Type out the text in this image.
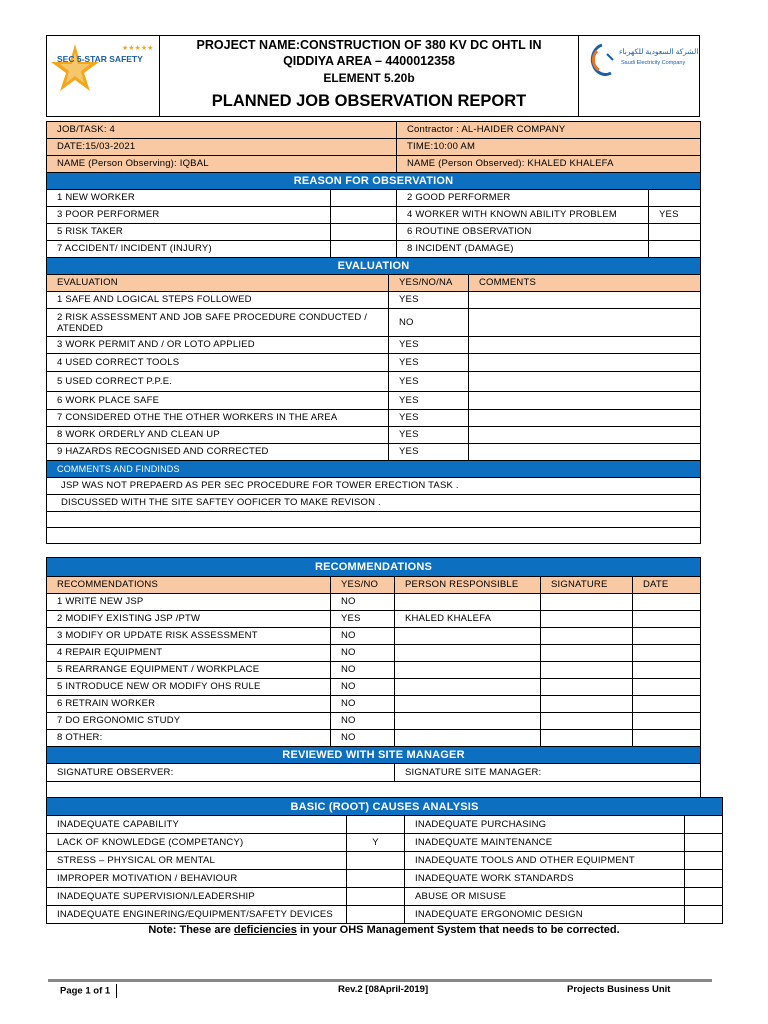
★★★★★
SEC 5-STAR SAFETY
PROJECT NAME:CONSTRUCTION OF 380 KV DC OHTL IN
QIDDIYA AREA – 4400012358
ELEMENT 5.20b
PLANNED JOB OBSERVATION REPORT
الشركة السعودية للكهرباء
Saudi Electricity Company
JOB/TASK: 4			Contractor : AL-HAIDER COMPANY		
DATE:15/03-2021			TIME:10:00 AM		
NAME (Person Observing): IQBAL			NAME (Person Observed): KHALED KHALEFA		
REASON FOR OBSERVATION					
1 NEW WORKER			2 GOOD PERFORMER		
3 POOR PERFORMER			4 WORKER WITH KNOWN ABILITY PROBLEM		YES
5 RISK TAKER			6 ROUTINE OBSERVATION		
7 ACCIDENT/ INCIDENT (INJURY)			8 INCIDENT (DAMAGE)		
EVALUATION					
EVALUATION		YES/NO/NA		COMMENTS	
1 SAFE AND LOGICAL STEPS FOLLOWED		YES			
2 RISK ASSESSMENT AND JOB SAFE PROCEDURE CONDUCTED / ATENDED		NO			
3 WORK PERMIT AND / OR LOTO APPLIED		YES			
4 USED CORRECT TOOLS		YES			
5 USED CORRECT P.P.E.		YES			
6 WORK PLACE SAFE		YES			
7 CONSIDERED OTHE THE OTHER WORKERS IN THE AREA		YES			
8 WORK ORDERLY AND CLEAN UP		YES			
9 HAZARDS RECOGNISED AND CORRECTED		YES			
COMMENTS AND FINDINDS					
JSP WAS NOT PREPAERD AS PER SEC PROCEDURE FOR TOWER ERECTION TASK .					
DISCUSSED WITH THE SITE SAFTEY OOFICER TO MAKE REVISON .					

RECOMMENDATIONS				
RECOMMENDATIONS	YES/NO	PERSON RESPONSIBLE	SIGNATURE	DATE
1 WRITE NEW JSP	NO			
2 MODIFY EXISTING JSP /PTW	YES	KHALED KHALEFA		
3 MODIFY OR UPDATE RISK ASSESSMENT	NO			
4 REPAIR EQUIPMENT	NO			
5 REARRANGE EQUIPMENT / WORKPLACE	NO			
5 INTRODUCE NEW OR MODIFY OHS RULE	NO			
6 RETRAIN WORKER	NO			
7 DO ERGONOMIC STUDY	NO			
8 OTHER:	NO			
REVIEWED WITH SITE MANAGER				
SIGNATURE OBSERVER:		SIGNATURE SITE MANAGER:		

BASIC (ROOT) CAUSES ANALYSIS			
INADEQUATE CAPABILITY		INADEQUATE PURCHASING	
LACK OF KNOWLEDGE (COMPETANCY)	Y	INADEQUATE MAINTENANCE	
STRESS – PHYSICAL OR MENTAL		INADEQUATE TOOLS AND OTHER EQUIPMENT	
IMPROPER MOTIVATION / BEHAVIOUR		INADEQUATE WORK STANDARDS	
INADEQUATE SUPERVISION/LEADERSHIP		ABUSE OR MISUSE	
INADEQUATE ENGINERING/EQUIPMENT/SAFETY DEVICES		INADEQUATE ERGONOMIC DESIGN	
Note: These are deficiencies in your OHS Management System that needs to be corrected.
Page 1 of 1	Rev.2 [08April-2019]	Projects Business Unit
